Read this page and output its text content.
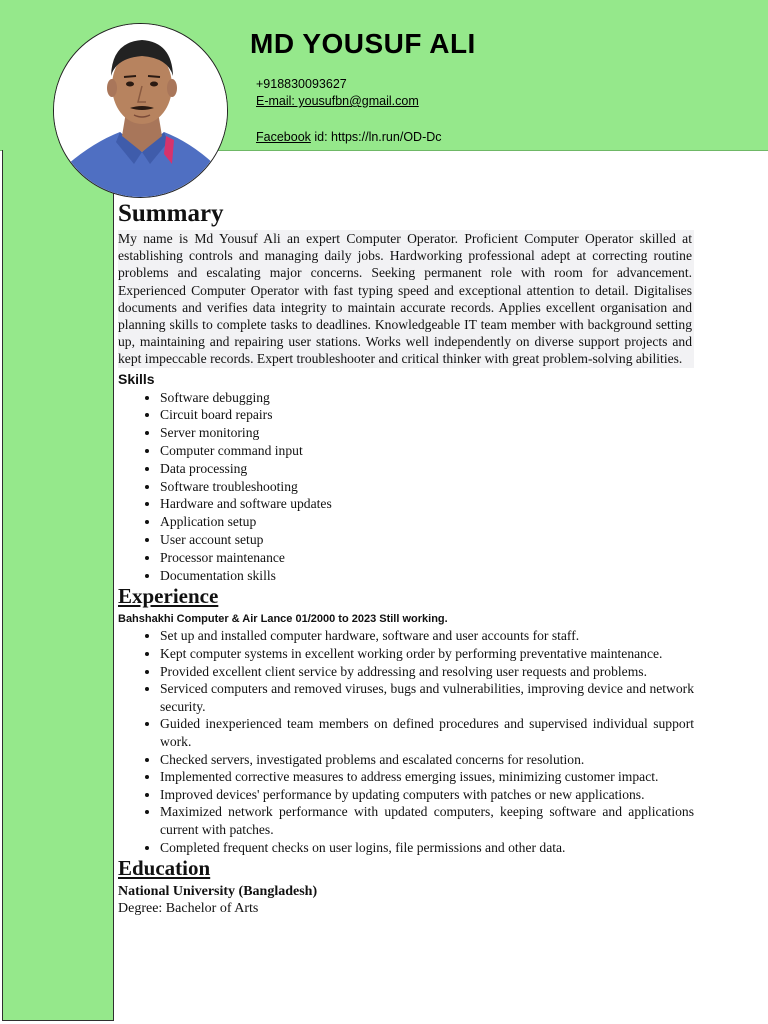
MD YOUSUF ALI
+918830093627
E-mail: yousufbn@gmail.com
Facebook id: https://ln.run/OD-Dc
Summary

My name is Md Yousuf Ali an expert Computer Operator. Proficient Computer Operator skilled at establishing controls and managing daily jobs. Hardworking professional adept at correcting routine problems and escalating major concerns. Seeking permanent role with room for advancement. Experienced Computer Operator with fast typing speed and exceptional attention to detail. Digitalises documents and verifies data integrity to maintain accurate records. Applies excellent organisation and planning skills to complete tasks to deadlines. Knowledgeable IT team member with background setting up, maintaining and repairing user stations. Works well independently on diverse support projects and kept impeccable records. Expert troubleshooter and critical thinker with great problem-solving abilities.

Skills
• Software debugging
• Circuit board repairs
• Server monitoring
• Computer command input
• Data processing
• Software troubleshooting
• Hardware and software updates
• Application setup
• User account setup
• Processor maintenance
• Documentation skills
Experience
Bahshakhi Computer & Air Lance 01/2000 to 2023 Still working.
• Set up and installed computer hardware, software and user accounts for staff.
• Kept computer systems in excellent working order by performing preventative maintenance.
• Provided excellent client service by addressing and resolving user requests and problems.
• Serviced computers and removed viruses, bugs and vulnerabilities, improving device and network security.
• Guided inexperienced team members on defined procedures and supervised individual support work.
• Checked servers, investigated problems and escalated concerns for resolution.
• Implemented corrective measures to address emerging issues, minimizing customer impact.
• Improved devices' performance by updating computers with patches or new applications.
• Maximized network performance with updated computers, keeping software and applications current with patches.
• Completed frequent checks on user logins, file permissions and other data.
Education
National University (Bangladesh)
Degree: Bachelor of Arts
